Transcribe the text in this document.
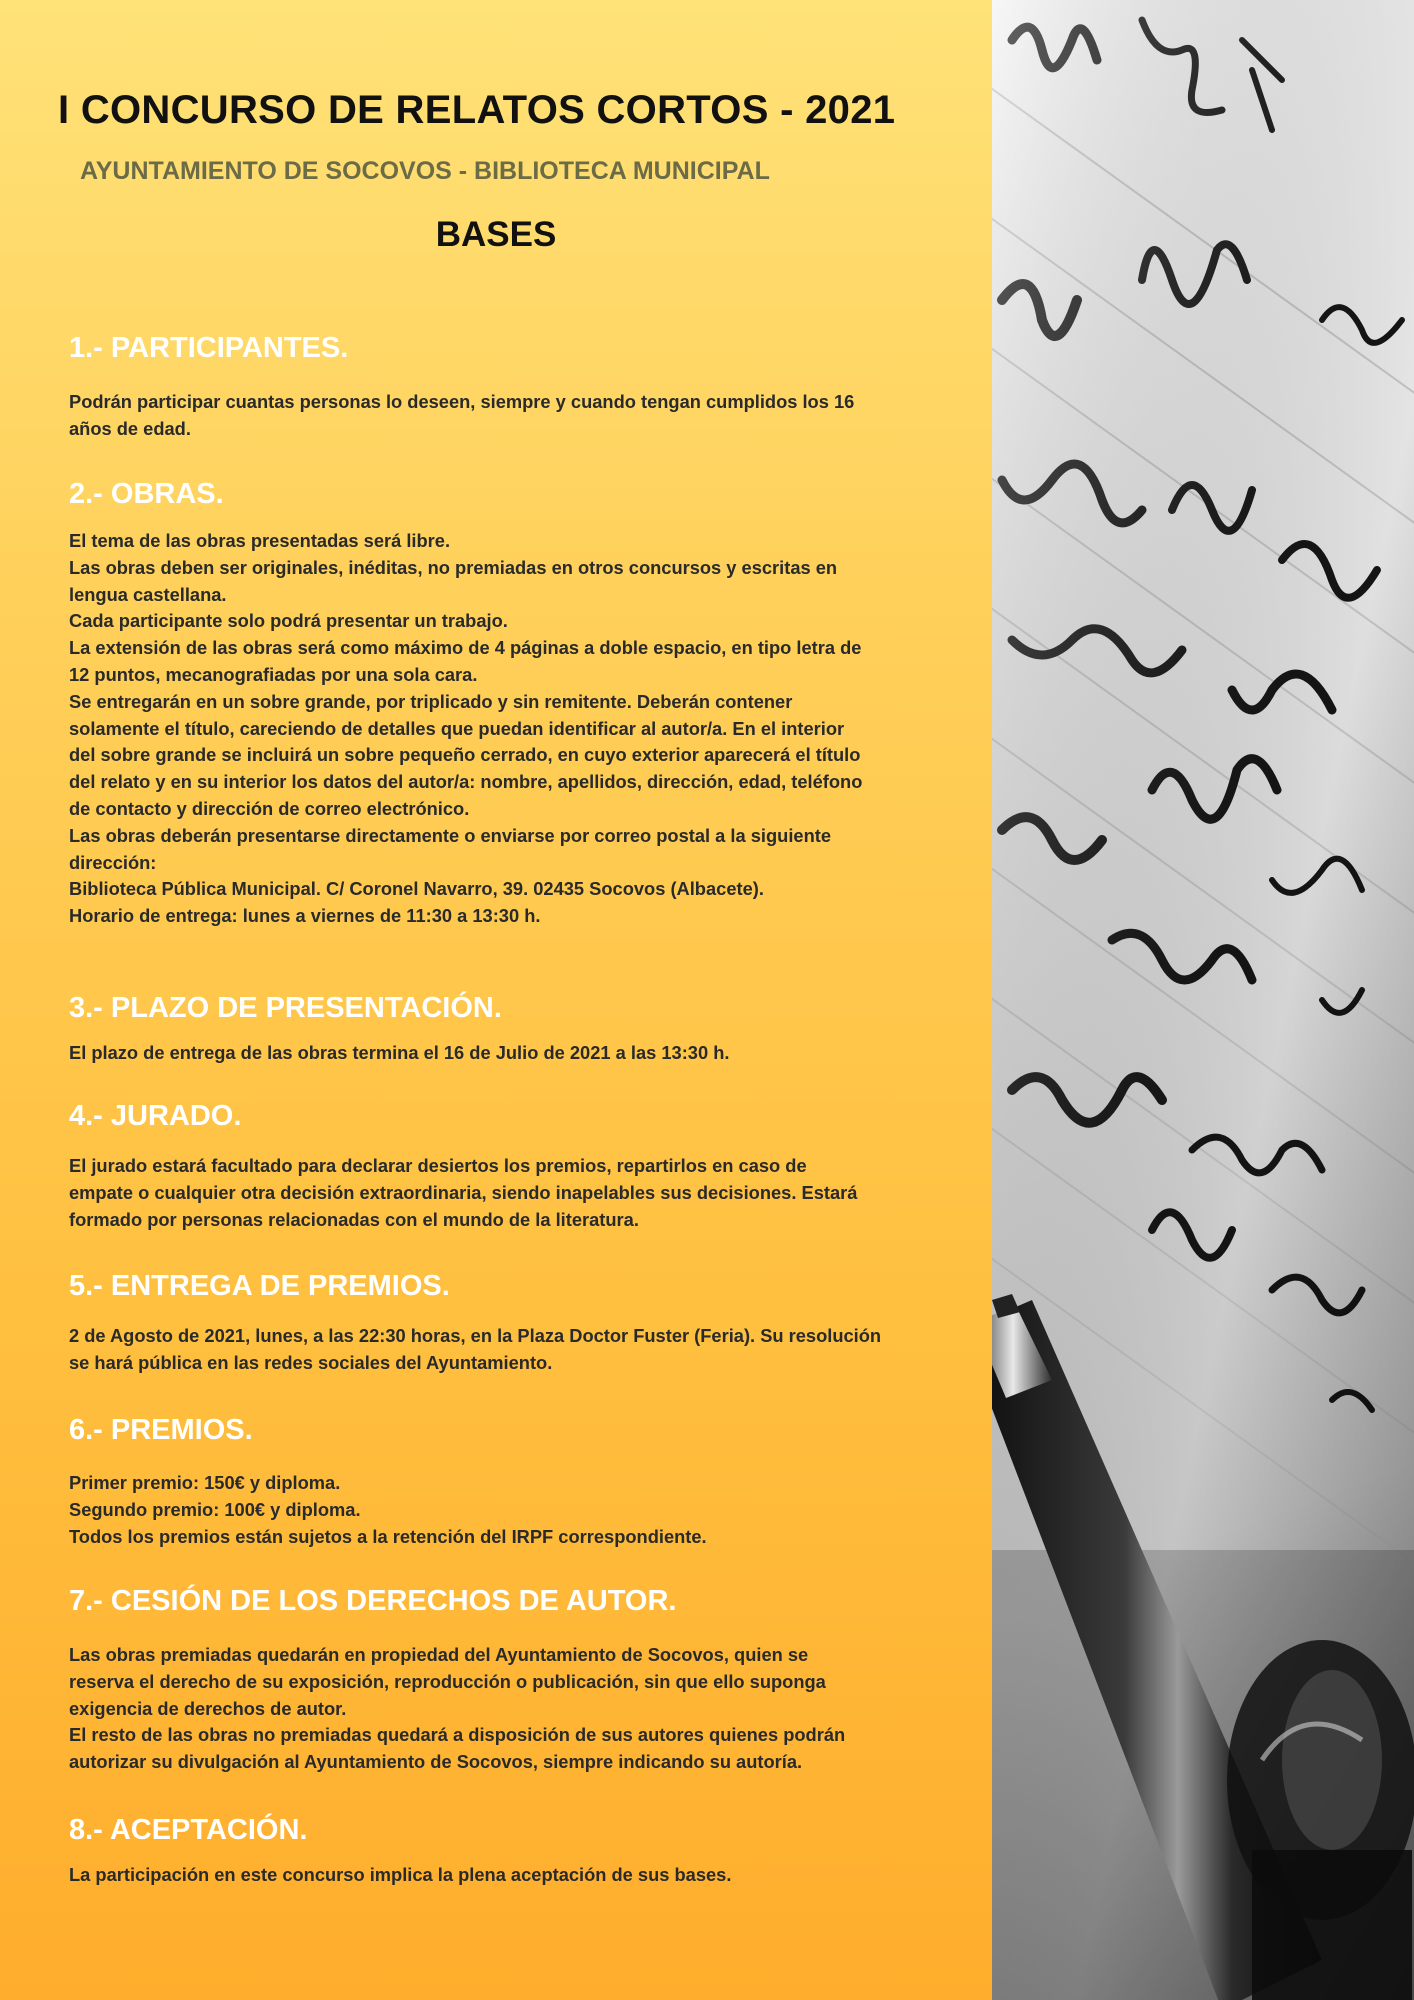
I CONCURSO DE RELATOS CORTOS - 2021
AYUNTAMIENTO DE SOCOVOS - BIBLIOTECA MUNICIPAL
BASES
1.- PARTICIPANTES.
Podrán participar cuantas personas lo deseen, siempre y cuando tengan cumplidos los 16
años de edad.
2.- OBRAS.
El tema de las obras presentadas será libre.
Las obras deben ser originales, inéditas, no premiadas en otros concursos y escritas en
lengua castellana.
Cada participante solo podrá presentar un trabajo.
La extensión de las obras será como máximo de 4 páginas a doble espacio, en tipo letra de
12 puntos, mecanografiadas por una sola cara.
Se entregarán en un sobre grande, por triplicado y sin remitente. Deberán contener
solamente el título, careciendo de detalles que puedan identificar al autor/a. En el interior
del sobre grande se incluirá un sobre pequeño cerrado, en cuyo exterior aparecerá el título
del relato y en su interior los datos del autor/a: nombre, apellidos, dirección, edad, teléfono
de contacto y dirección de correo electrónico.
Las obras deberán presentarse directamente o enviarse por correo postal a la siguiente
dirección:
Biblioteca Pública Municipal. C/ Coronel Navarro, 39. 02435 Socovos (Albacete).
Horario de entrega: lunes a viernes de 11:30 a 13:30 h.
3.- PLAZO DE PRESENTACIÓN.
El plazo de entrega de las obras termina el 16 de Julio de 2021 a las 13:30 h.
4.- JURADO.
El jurado estará facultado para declarar desiertos los premios, repartirlos en caso de
empate o cualquier otra decisión extraordinaria, siendo inapelables sus decisiones. Estará
formado por personas relacionadas con el mundo de la literatura.
5.- ENTREGA DE PREMIOS.
2 de Agosto de 2021, lunes, a las 22:30 horas, en la Plaza Doctor Fuster (Feria). Su resolución
se hará pública en las redes sociales del Ayuntamiento.
6.- PREMIOS.
Primer premio: 150€ y diploma.
Segundo premio: 100€ y diploma.
Todos los premios están sujetos a la retención del IRPF correspondiente.
7.- CESIÓN DE LOS DERECHOS DE AUTOR.
Las obras premiadas quedarán en propiedad del Ayuntamiento de Socovos, quien se
reserva el derecho de su exposición, reproducción o publicación, sin que ello suponga
exigencia de derechos de autor.
El resto de las obras no premiadas quedará a disposición de sus autores quienes podrán
autorizar su divulgación al Ayuntamiento de Socovos, siempre indicando su autoría.
8.- ACEPTACIÓN.
La participación en este concurso implica la plena aceptación de sus bases.
